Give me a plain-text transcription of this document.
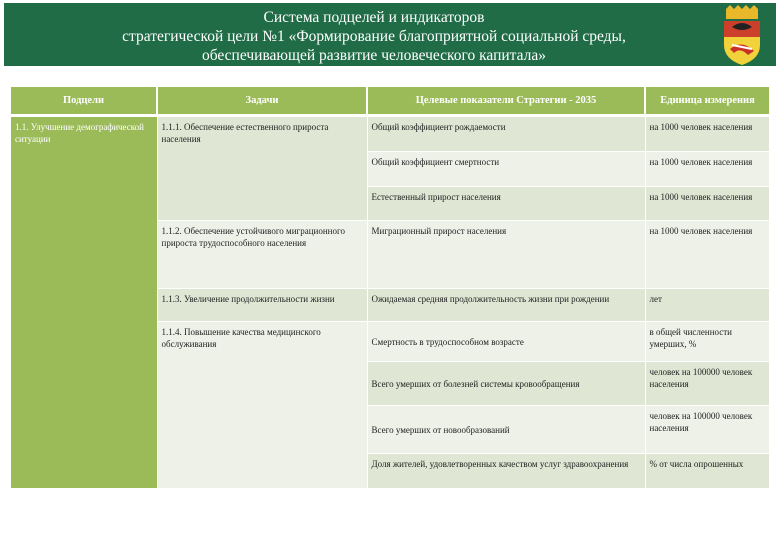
Система подцелей и индикаторов
стратегической цели №1 «Формирование благоприятной социальной среды,
обеспечивающей развитие человеческого капитала»
Подцели	Задачи	Целевые показатели Стратегии - 2035	Единица измерения
1.1. Улучшение демографической ситуации	1.1.1. Обеспечение естественного прироста населения	Общий коэффициент рождаемости	на 1000 человек населения
		Общий коэффициент смертности	на 1000 человек населения
		Естественный прирост населения	на 1000 человек населения
	1.1.2. Обеспечение устойчивого миграционного прироста трудоспособного населения	Миграционный прирост населения	на 1000 человек населения
	1.1.3. Увеличение продолжительности жизни	Ожидаемая средняя продолжительность жизни при рождении	лет
	1.1.4. Повышение качества медицинского обслуживания	Смертность в трудоспособном возрасте	в общей численности умерших, %
		Всего умерших от болезней системы кровообращения	человек на 100000 человек населения
		Всего умерших от новообразований	человек на 100000 человек населения
		Доля жителей, удовлетворенных качеством услуг здравоохранения	% от числа опрошенных
